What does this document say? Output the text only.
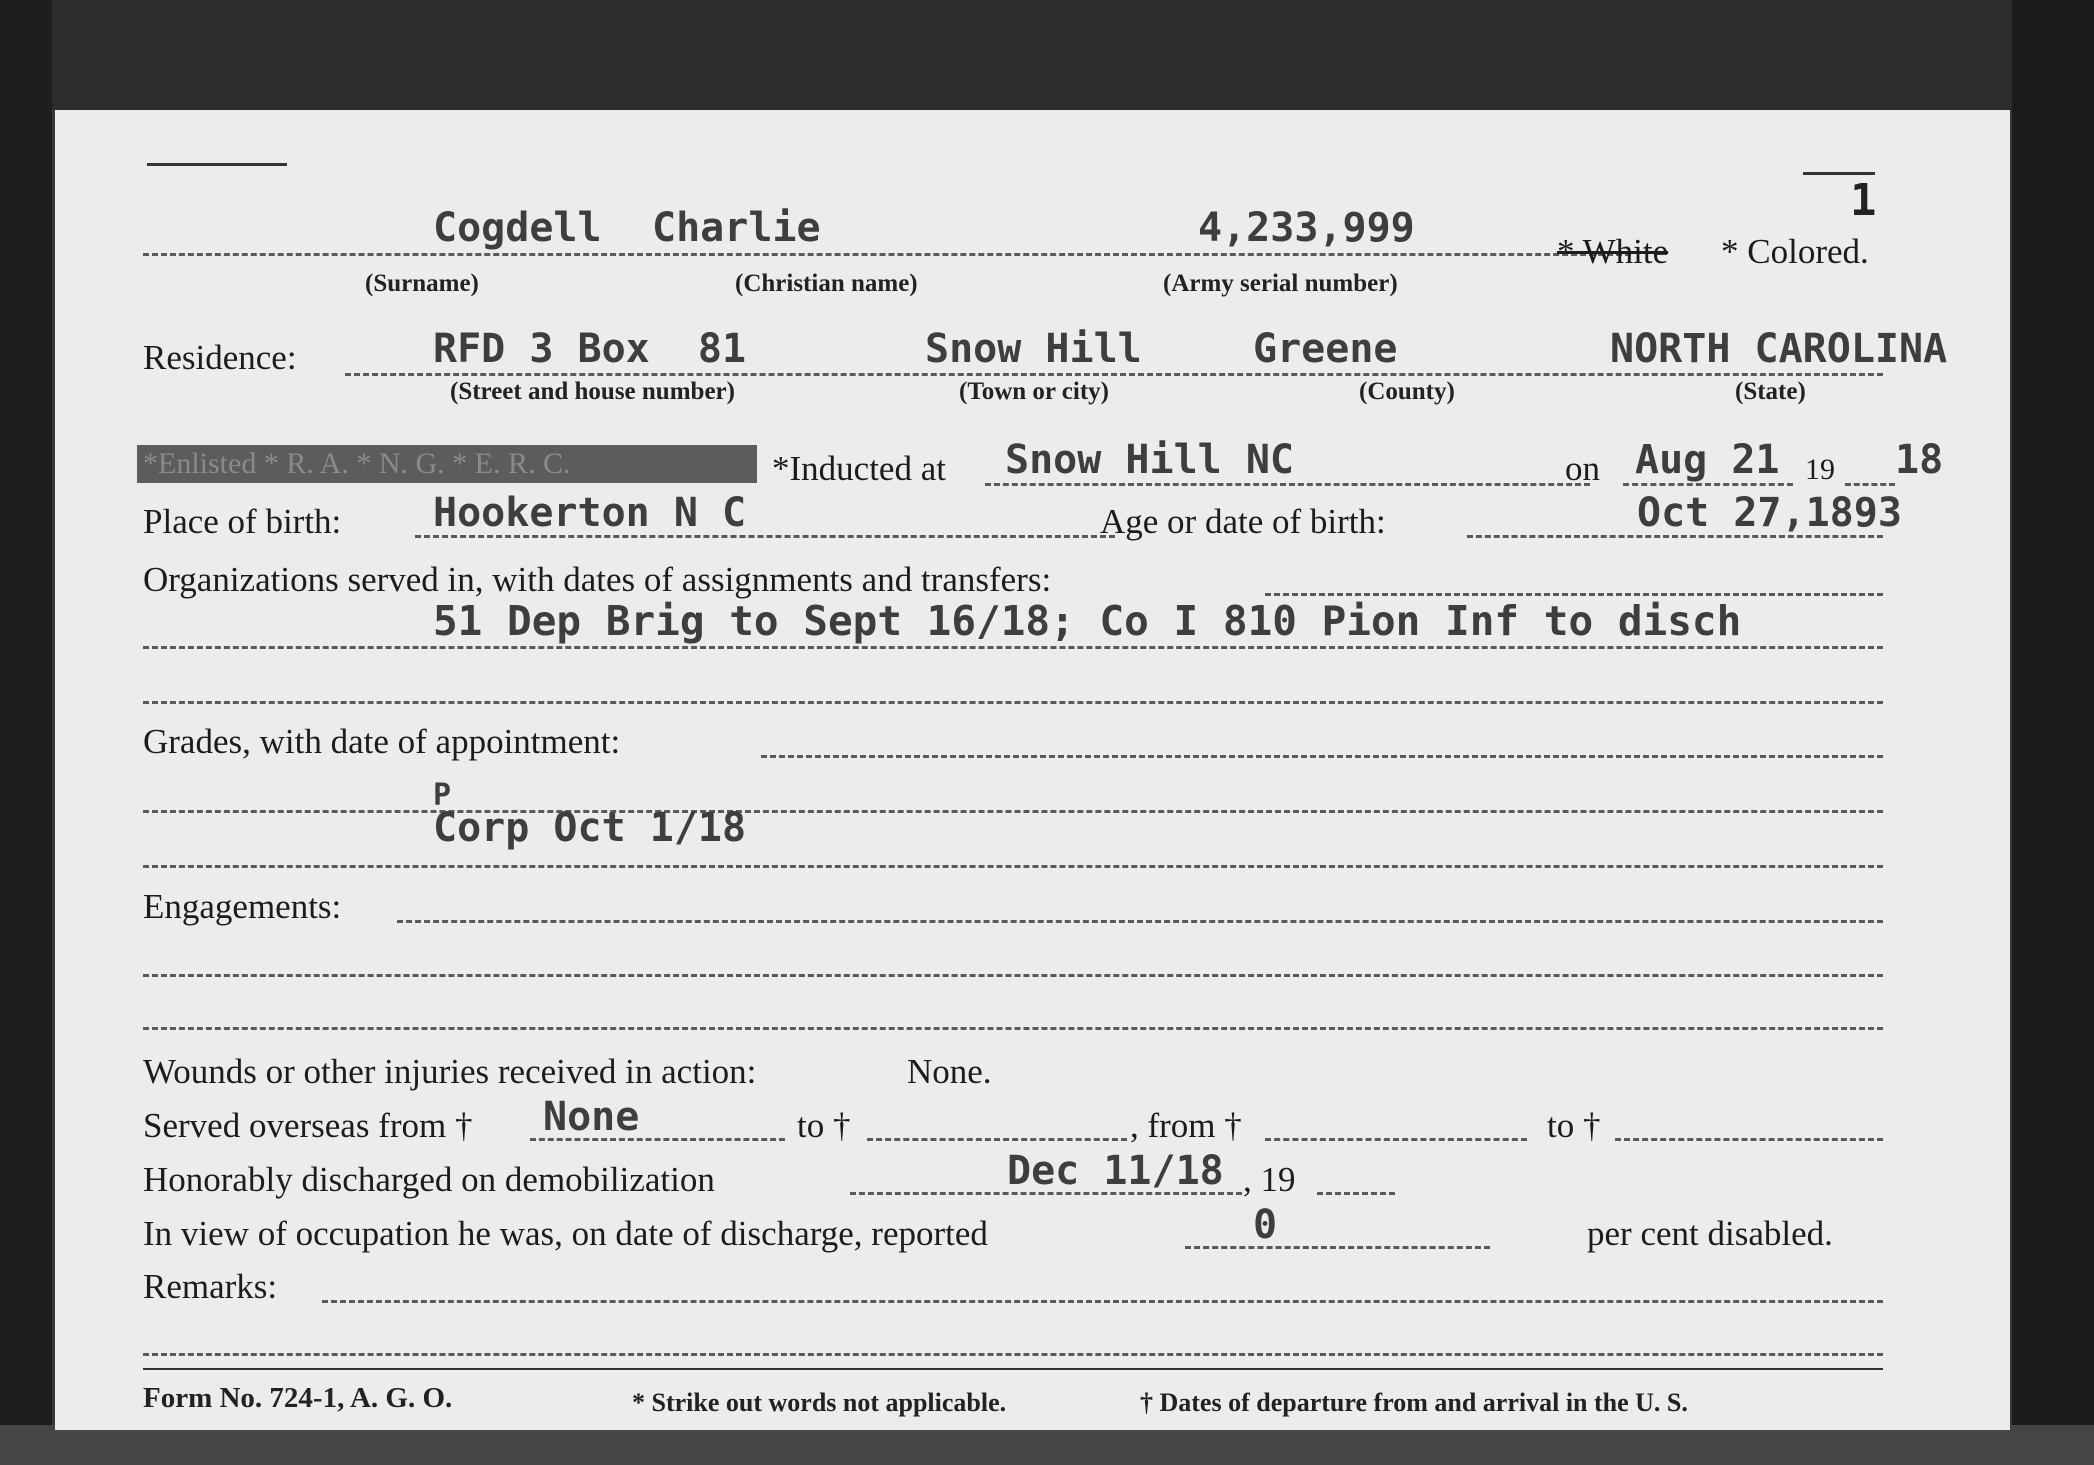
1
Cogdell Charlie	4,233,999
* White * Colored.
(Surname)	(Christian name)	(Army serial number)
Residence:	RFD 3 Box  81	Snow Hill	Greene	NORTH CAROLINA
(Street and house number)	(Town or city)	(County)	(State)
*Enlisted * R. A. * N. G. * E. R. C.	*Inducted at Snow Hill NC	on Aug 21 19 18
Place of birth: Hookerton N C	Age or date of birth:	Oct 27,1893
Organizations served in, with dates of assignments and transfers:
51 Dep Brig to Sept 16/18; Co I 810 Pion Inf to disch
Grades, with date of appointment:
P
Corp Oct 1/18
Engagements:
Wounds or other injuries received in action:	None.
Served overseas from † None	to †	, from †	to †
Honorably discharged on demobilization	Dec 11/18 , 19
In view of occupation he was, on date of discharge, reported	0	per cent disabled.
Remarks:
Form No. 724-1, A. G. O.	* Strike out words not applicable.	† Dates of departure from and arrival in the U. S.
